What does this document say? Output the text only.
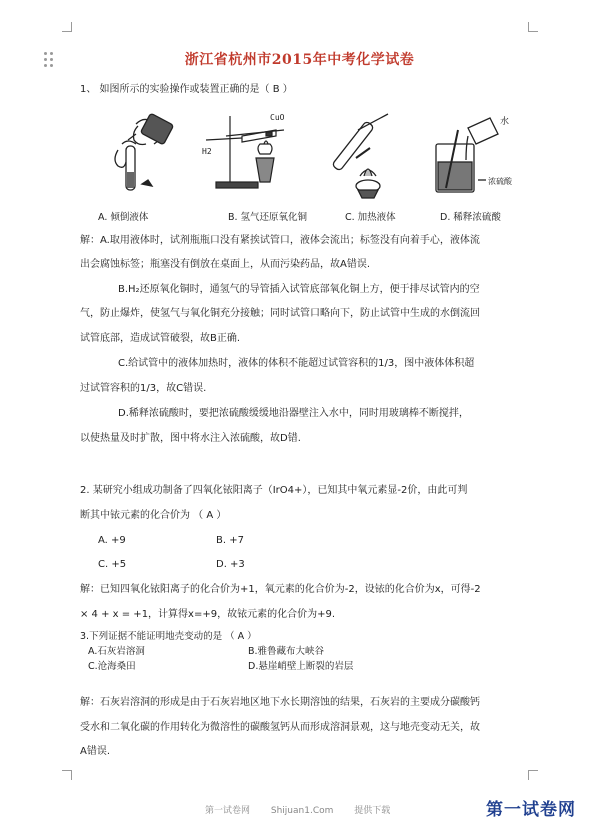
浙江省杭州市2015年中考化学试卷
1、 如图所示的实验操作或装置正确的是（ B ）
CuO
H2
水
浓硫酸
A. 倾倒液体	B. 氢气还原氧化铜	C. 加热液体	D. 稀释浓硫酸
解：A.取用液体时，试剂瓶瓶口没有紧挨试管口，液体会流出；标签没有向着手心，液体流
出会腐蚀标签；瓶塞没有倒放在桌面上，从而污染药品，故A错误.
B.H₂还原氧化铜时，通氢气的导管插入试管底部氧化铜上方，便于排尽试管内的空
气，防止爆炸，使氢气与氧化铜充分接触；同时试管口略向下，防止试管中生成的水倒流回
试管底部，造成试管破裂，故B正确.
C.给试管中的液体加热时，液体的体积不能超过试管容积的1/3，图中液体体积超
过试管容积的1/3，故C错误.
D.稀释浓硫酸时，要把浓硫酸缓缓地沿器壁注入水中，同时用玻璃棒不断搅拌，
以使热量及时扩散，图中将水注入浓硫酸，故D错.
2. 某研究小组成功制备了四氧化铱阳离子（IrO4+），已知其中氧元素显-2价，由此可判
断其中铱元素的化合价为 （ A ）
A. +9	B. +7
C. +5	D. +3
解：已知四氧化铱阳离子的化合价为+1，氧元素的化合价为-2，设铱的化合价为x，可得-2
× 4 + x = +1，计算得x=+9，故铱元素的化合价为+9.
3.下列证据不能证明地壳变动的是 （ A ）
A.石灰岩溶洞	B.雅鲁藏布大峡谷
C.沧海桑田	D.悬崖峭壁上断裂的岩层
解：石灰岩溶洞的形成是由于石灰岩地区地下水长期溶蚀的结果，石灰岩的主要成分碳酸钙
受水和二氧化碳的作用转化为微溶性的碳酸氢钙从而形成溶洞景观，这与地壳变动无关，故
A错误.
第一试卷网 Shijuan1.Com 提供下载	第一试卷网
